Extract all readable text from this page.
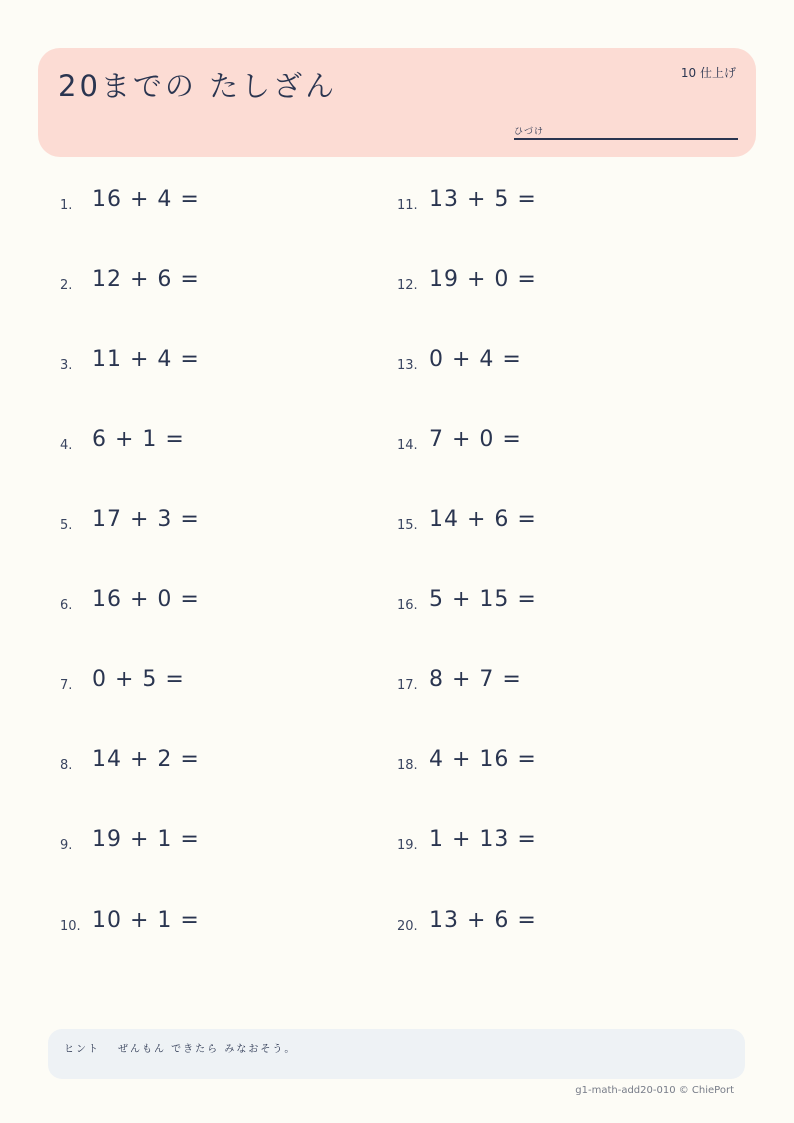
20までの たしざん	10 仕上げ
ひづけ
1. 16 + 4 =
2. 12 + 6 =
3. 11 + 4 =
4. 6 + 1 =
5. 17 + 3 =
6. 16 + 0 =
7. 0 + 5 =
8. 14 + 2 =
9. 19 + 1 =
10. 10 + 1 =
11. 13 + 5 =
12. 19 + 0 =
13. 0 + 4 =
14. 7 + 0 =
15. 14 + 6 =
16. 5 + 15 =
17. 8 + 7 =
18. 4 + 16 =
19. 1 + 13 =
20. 13 + 6 =
ヒント ぜんもん できたら みなおそう。
g1-math-add20-010 © ChiePort
